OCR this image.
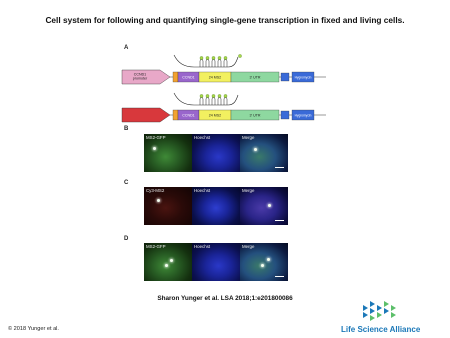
Cell system for following and quantifying single-gene transcription in fixed and living cells.
A
CCND1 promoter	CCND1	24 MS2	3' UTR	Hygromycin
CCND1	24 MS2	3' UTR	Hygromycin
B
MS2-GFP	Hoechst	Merge
C
Cy3-MS2	Hoechst	Merge
D
MS2-GFP	Hoechst	Merge
Sharon Yunger et al. LSA 2018;1:e201800086
© 2018 Yunger et al.	Life Science Alliance
